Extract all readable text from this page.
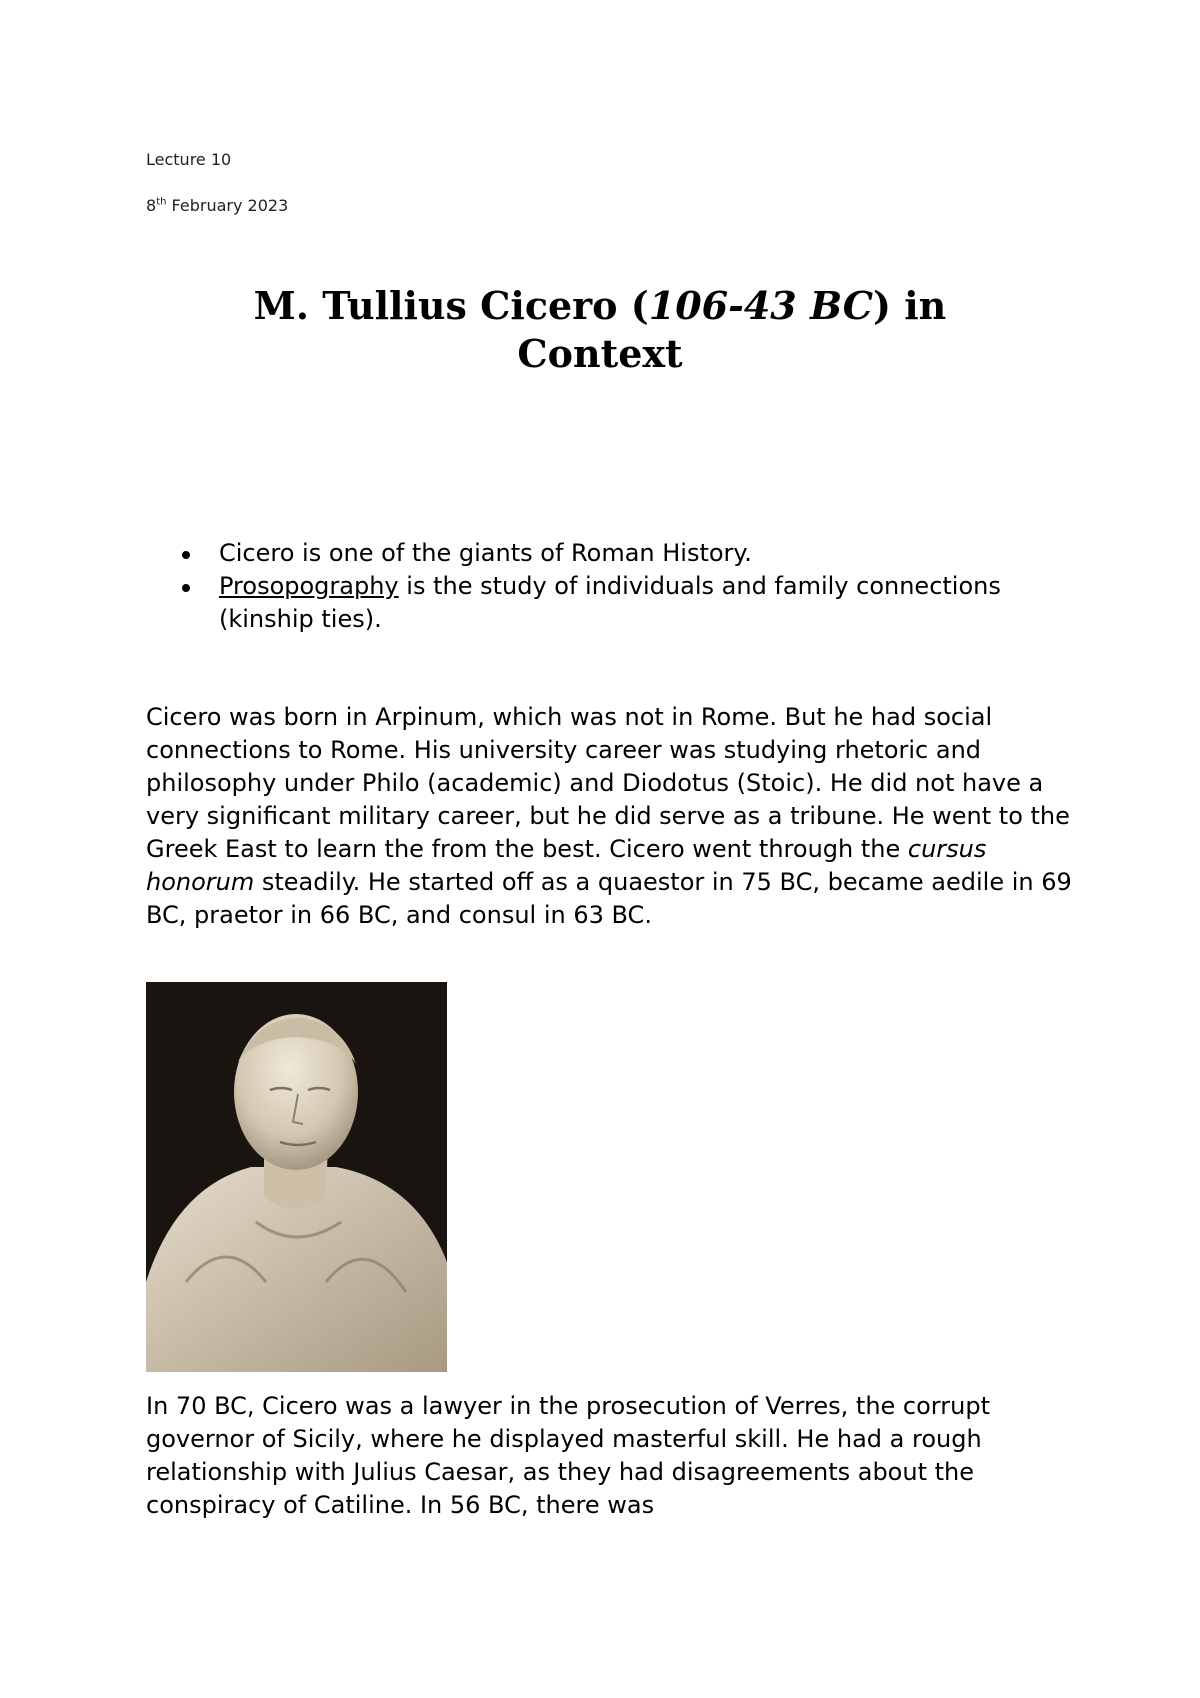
Lecture 10
8th February 2023
M. Tullius Cicero (106-43 BC) in
Context
Cicero is one of the giants of Roman History.
Prosopography is the study of individuals and family connections (kinship ties).

Cicero was born in Arpinum, which was not in Rome. But he had social connections to Rome. His university career was studying rhetoric and philosophy under Philo (academic) and Diodotus (Stoic). He did not have a very significant military career, but he did serve as a tribune. He went to the Greek East to learn the from the best. Cicero went through the cursus honorum steadily. He started off as a quaestor in 75 BC, became aedile in 69 BC, praetor in 66 BC, and consul in 63 BC.

In 70 BC, Cicero was a lawyer in the prosecution of Verres, the corrupt governor of Sicily, where he displayed masterful skill. He had a rough relationship with Julius Caesar, as they had disagreements about the conspiracy of Catiline. In 56 BC, there was
